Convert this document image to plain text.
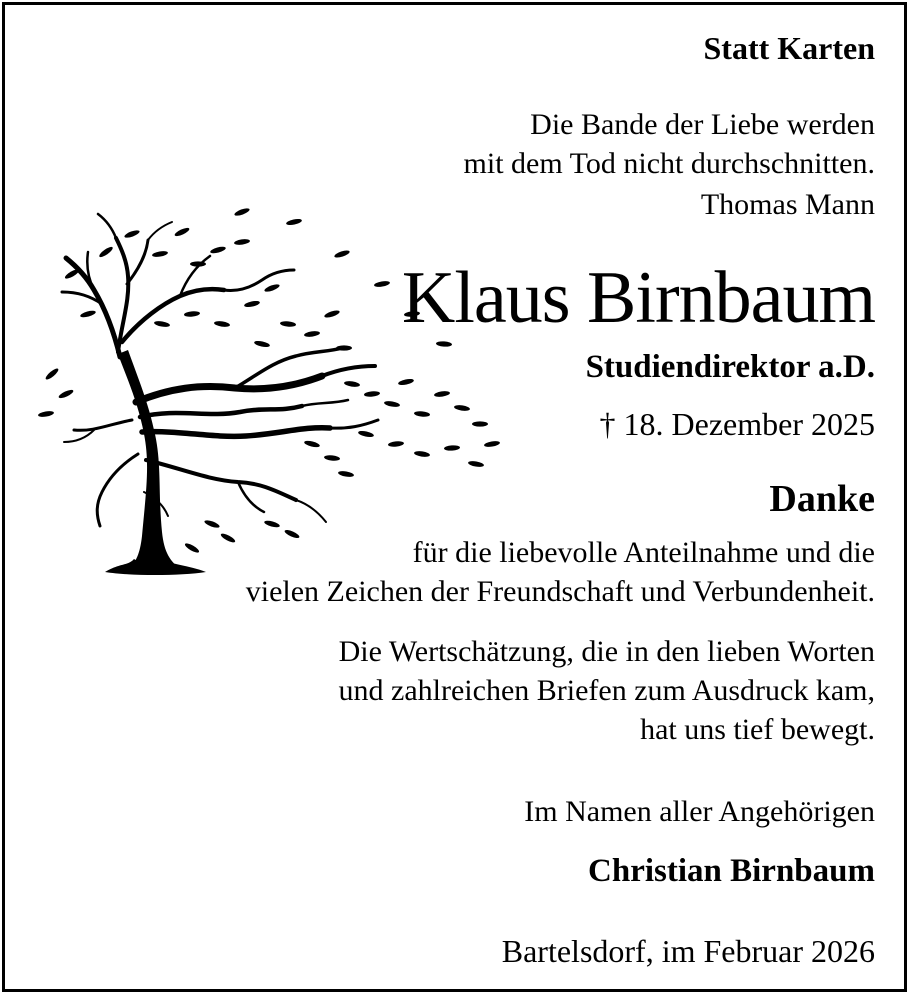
Statt Karten
Die Bande der Liebe werden
mit dem Tod nicht durchschnitten.
Thomas Mann
Klaus Birnbaum
Studiendirektor a.D.
† 18. Dezember 2025
Danke
für die liebevolle Anteilnahme und die
vielen Zeichen der Freundschaft und Verbundenheit.
Die Wertschätzung, die in den lieben Worten
und zahlreichen Briefen zum Ausdruck kam,
hat uns tief bewegt.
Im Namen aller Angehörigen
Christian Birnbaum
Bartelsdorf, im Februar 2026
